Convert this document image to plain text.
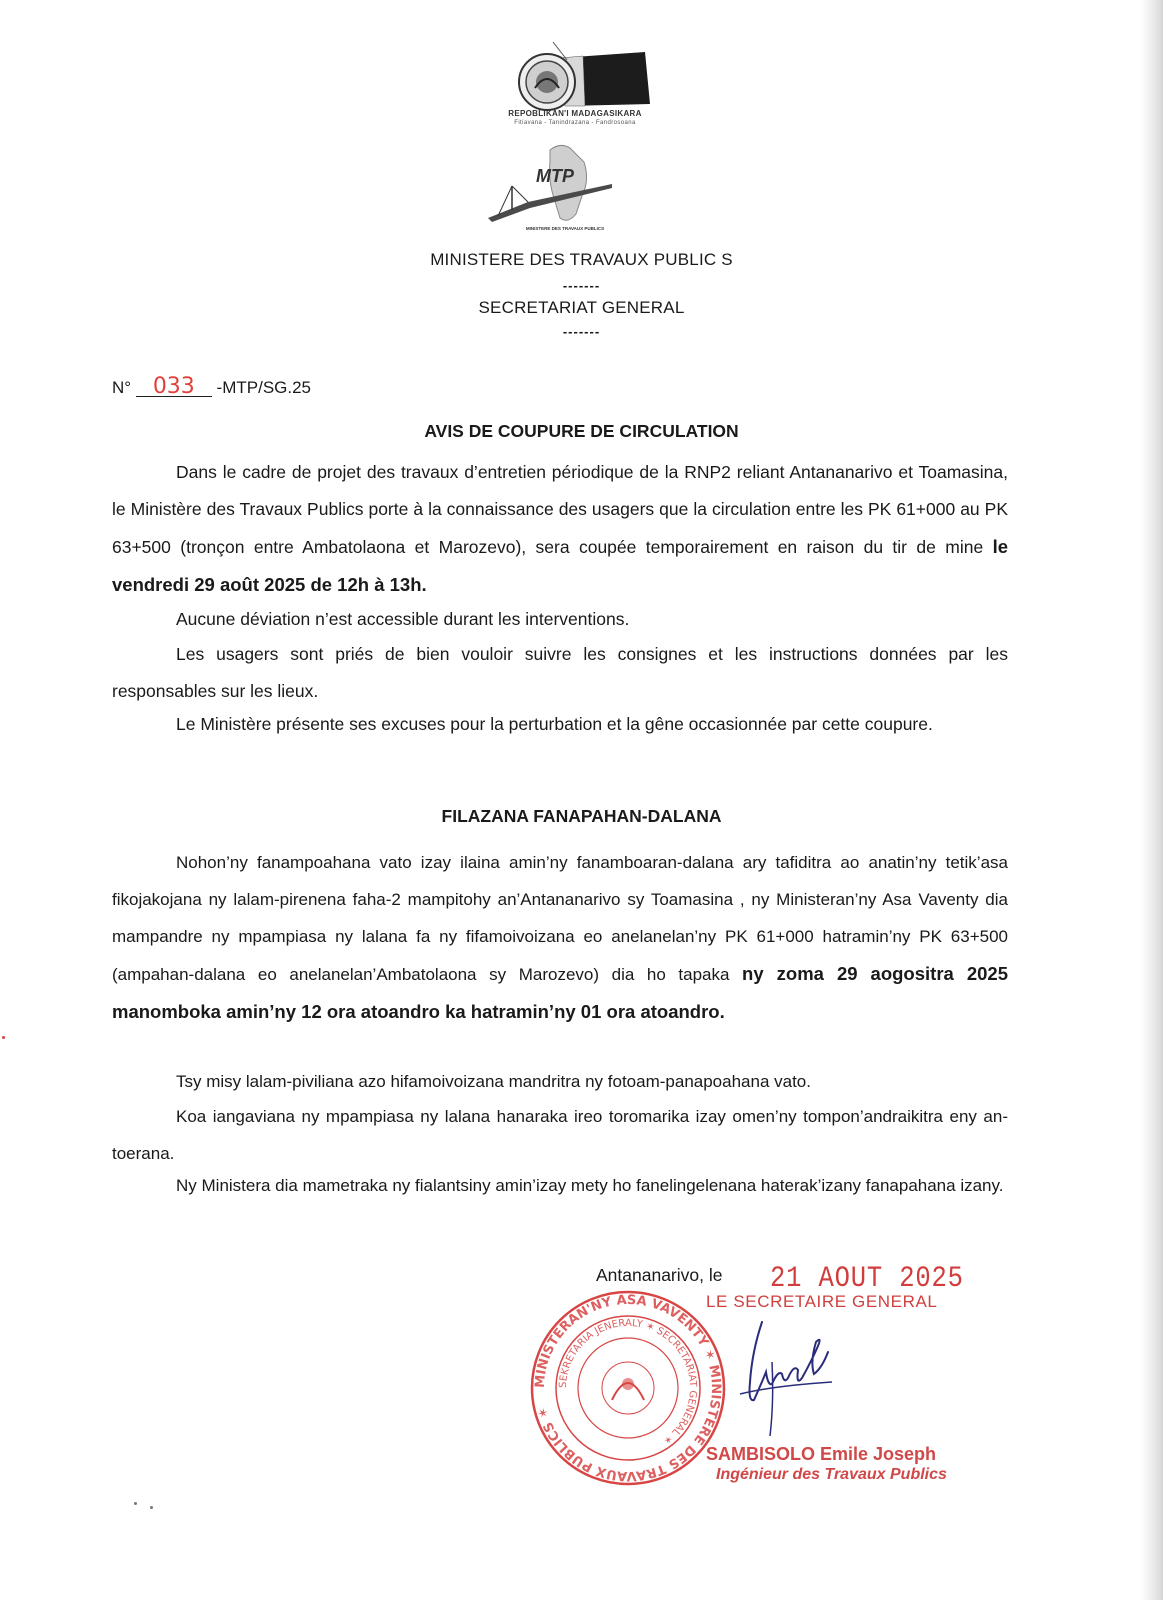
REPOBLIKAN'I MADAGASIKARA
Fitiavana - Tanindrazana - Fandrosoana
MTP
MINISTERE DES TRAVAUX PUBLICS
MINISTERE DES TRAVAUX PUBLIC S
-------
SECRETARIAT GENERAL
-------
N° 033 -MTP/SG.25
AVIS DE COUPURE DE CIRCULATION
Dans le cadre de projet des travaux d’entretien périodique de la RNP2 reliant Antananarivo et Toamasina, le Ministère des Travaux Publics porte à la connaissance des usagers que la circulation entre les PK 61+000 au PK 63+500 (tronçon entre Ambatolaona et Marozevo), sera coupée temporairement en raison du tir de mine le vendredi 29 août 2025 de 12h à 13h.
Aucune déviation n’est accessible durant les interventions.
Les usagers sont priés de bien vouloir suivre les consignes et les instructions données par les responsables sur les lieux.
Le Ministère présente ses excuses pour la perturbation et la gêne occasionnée par cette coupure.
FILAZANA FANAPAHAN-DALANA
Nohon’ny fanampoahana vato izay ilaina amin’ny fanamboaran-dalana ary tafiditra ao anatin’ny tetik’asa fikojakojana ny lalam-pirenena faha-2 mampitohy an’Antananarivo sy Toamasina , ny Ministeran’ny Asa Vaventy dia mampandre ny mpampiasa ny lalana fa ny fifamoivoizana eo anelanelan’ny PK 61+000 hatramin’ny PK 63+500 (ampahan-dalana eo anelanelan’Ambatolaona sy Marozevo) dia ho tapaka ny zoma 29 aogositra 2025 manomboka amin’ny 12 ora atoandro ka hatramin’ny 01 ora atoandro.
Tsy misy lalam-piviliana azo hifamoivoizana mandritra ny fotoam-panapoahana vato.
Koa iangaviana ny mpampiasa ny lalana hanaraka ireo toromarika izay omen’ny tompon’andraikitra eny an-toerana.
Ny Ministera dia mametraka ny fialantsiny amin’izay mety ho fanelingelenana haterak’izany fanapahana izany.
MINISTERAN'NY ASA VAVENTY ✶ MINISTERE DES TRAVAUX PUBLICS ✶
SEKRETARIA JENERALY ✶ SECRETARIAT GENERAL ✶
Antananarivo, le 21 AOUT 2025
LE SECRETAIRE GENERAL
SAMBISOLO Emile Joseph
Ingénieur des Travaux Publics
